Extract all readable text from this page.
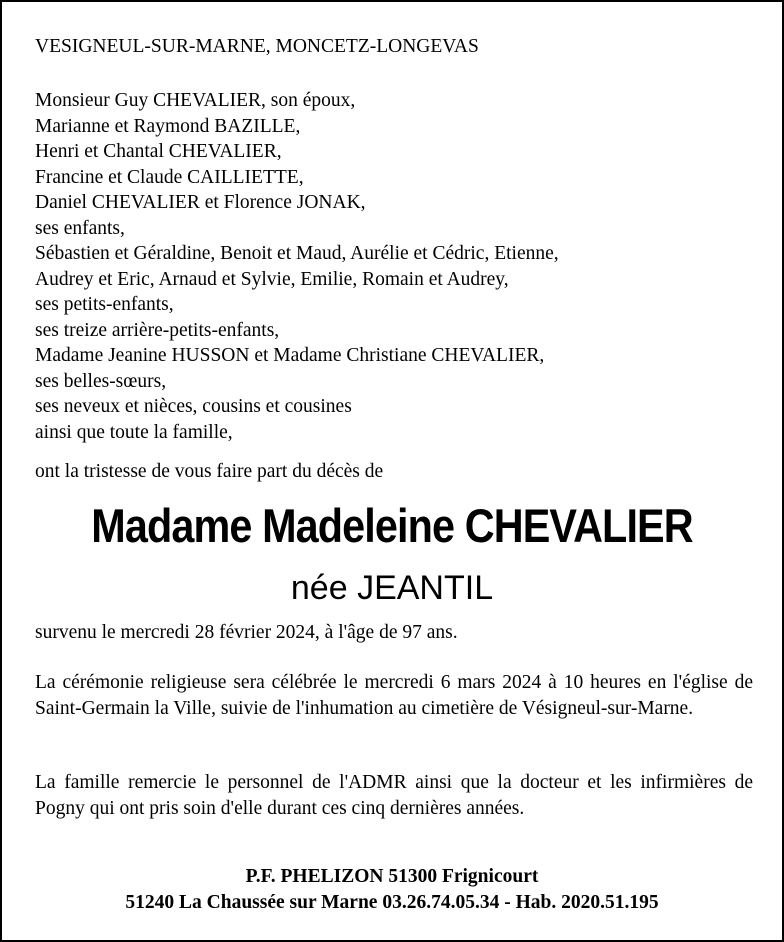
VESIGNEUL-SUR-MARNE, MONCETZ-LONGEVAS
Monsieur Guy CHEVALIER, son époux,
Marianne et Raymond BAZILLE,
Henri et Chantal CHEVALIER,
Francine et Claude CAILLIETTE,
Daniel CHEVALIER et Florence JONAK,
ses enfants,
Sébastien et Géraldine, Benoit et Maud, Aurélie et Cédric, Etienne,
Audrey et Eric, Arnaud et Sylvie, Emilie, Romain et Audrey,
ses petits-enfants,
ses treize arrière-petits-enfants,
Madame Jeanine HUSSON et Madame Christiane CHEVALIER,
ses belles-sœurs,
ses neveux et nièces, cousins et cousines
ainsi que toute la famille,
ont la tristesse de vous faire part du décès de
Madame Madeleine CHEVALIER
née JEANTIL
survenu le mercredi 28 février 2024, à l'âge de 97 ans.
La cérémonie religieuse sera célébrée le mercredi 6 mars 2024 à 10 heures en l'église de Saint-Germain la Ville, suivie de l'inhumation au cimetière de Vésigneul-sur-Marne.
La famille remercie le personnel de l'ADMR ainsi que la docteur et les infirmières de Pogny qui ont pris soin d'elle durant ces cinq dernières années.
P.F. PHELIZON 51300 Frignicourt
51240 La Chaussée sur Marne 03.26.74.05.34 - Hab. 2020.51.195
